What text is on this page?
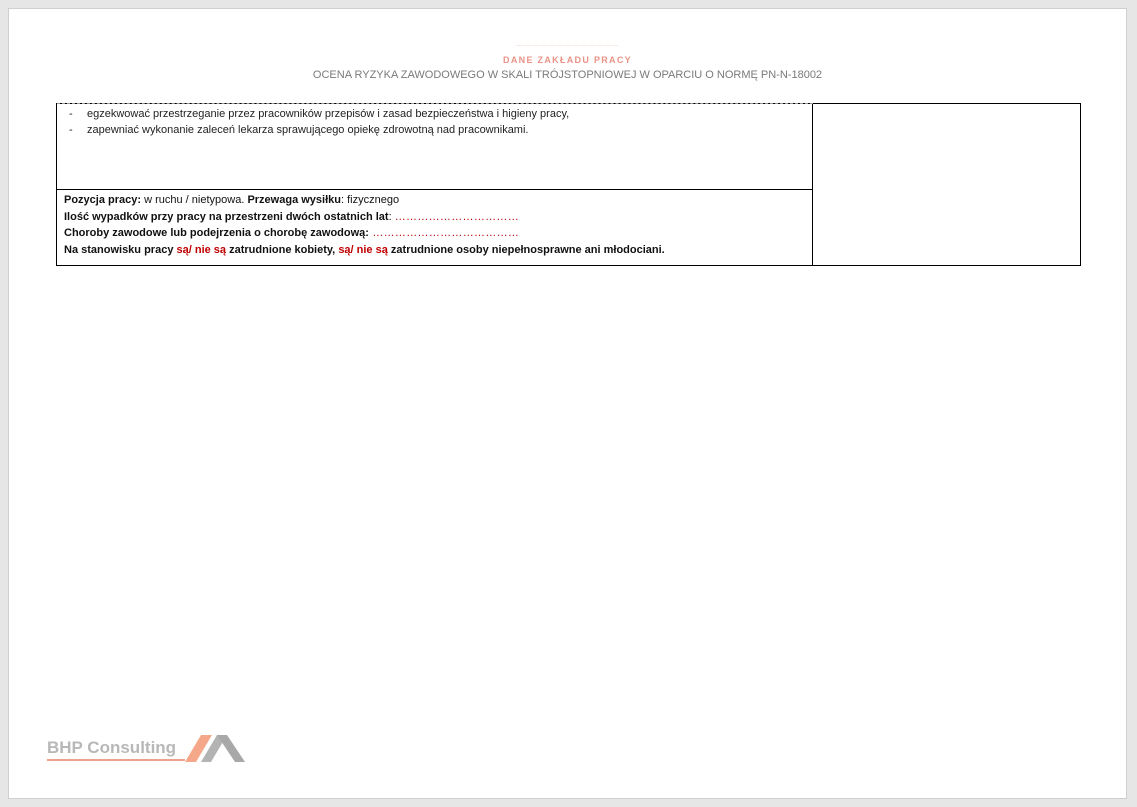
…………………………………
DANE ZAKŁADU PRACY
OCENA RYZYKA ZAWODOWEGO W SKALI TRÓJSTOPNIOWEJ W OPARCIU O NORMĘ PN-N-18002
-	egzekwować przestrzeganie przez pracowników przepisów i zasad bezpieczeństwa i higieny pracy,
-	zapewniać wykonanie zaleceń lekarza sprawującego opiekę zdrowotną nad pracownikami.
Pozycja pracy: w ruchu / nietypowa. Przewaga wysiłku: fizycznego
Ilość wypadków przy pracy na przestrzeni dwóch ostatnich lat: ……………………………
Choroby zawodowe lub podejrzenia o chorobę zawodową: …………………………………
Na stanowisku pracy są/ nie są zatrudnione kobiety, są/ nie są zatrudnione osoby niepełnosprawne ani młodociani.
BHP Consulting
